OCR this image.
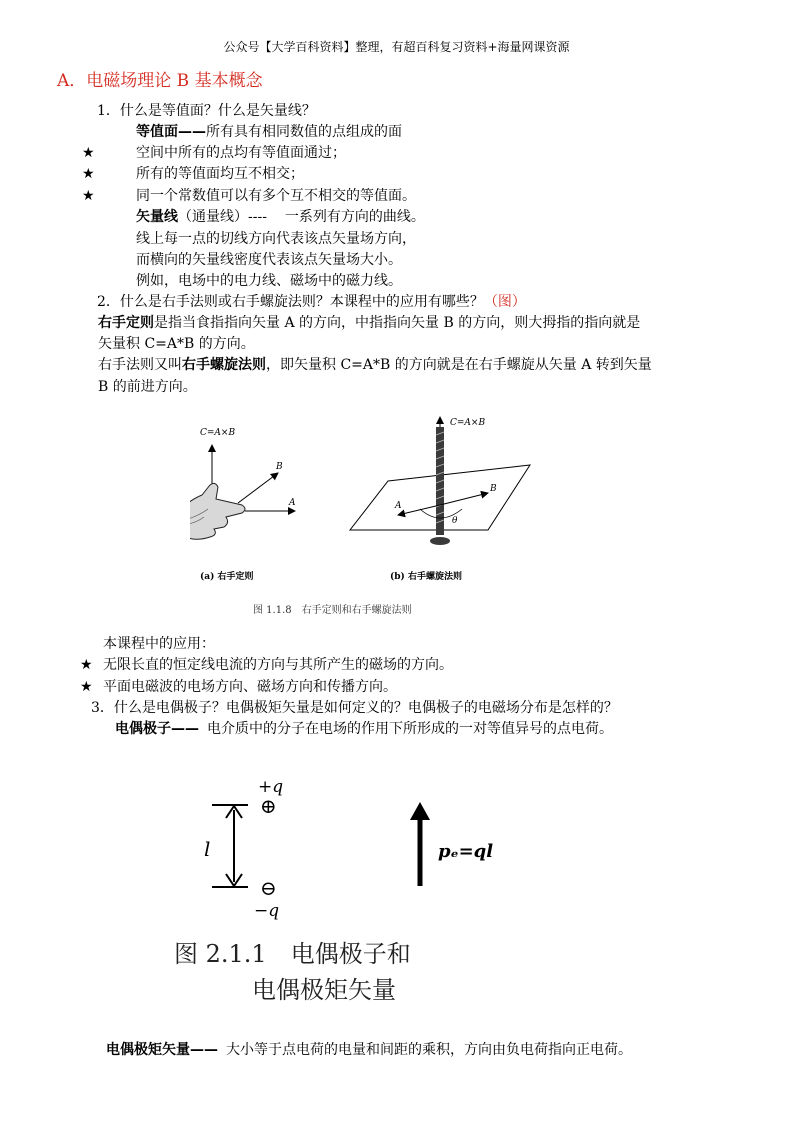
公众号【大学百科资料】整理，有超百科复习资料+海量网课资源
A．电磁场理论 B 基本概念
1．什么是等值面？什么是矢量线？
等值面——所有具有相同数值的点组成的面
★	空间中所有的点均有等值面通过；
★	所有的等值面均互不相交；
★	同一个常数值可以有多个互不相交的等值面。
矢量线（通量线）---- 一系列有方向的曲线。
线上每一点的切线方向代表该点矢量场方向，
而横向的矢量线密度代表该点矢量场大小。
例如，电场中的电力线、磁场中的磁力线。
2．什么是右手法则或右手螺旋法则？本课程中的应用有哪些？（图）
右手定则是指当食指指向矢量 A 的方向，中指指向矢量 B 的方向，则大拇指的指向就是
矢量积 C=A*B 的方向。
右手法则又叫右手螺旋法则，即矢量积 C=A*B 的方向就是在右手螺旋从矢量 A 转到矢量
B 的前进方向。
C=A×B
B
A
(a) 右手定则
C=A×B
A
B
θ
(b) 右手螺旋法则
图 1.1.8　右手定则和右手螺旋法则
本课程中的应用：
★ 无限长直的恒定线电流的方向与其所产生的磁场的方向。
★ 平面电磁波的电场方向、磁场方向和传播方向。
3．什么是电偶极子？电偶极矩矢量是如何定义的？电偶极子的电磁场分布是怎样的？
电偶极子—— 电介质中的分子在电场的作用下所形成的一对等值异号的点电荷。
+q
⊕
⊖
−q
l	pₑ=ql
图 2.1.1　电偶极子和
电偶极矩矢量
电偶极矩矢量—— 大小等于点电荷的电量和间距的乘积，方向由负电荷指向正电荷。
